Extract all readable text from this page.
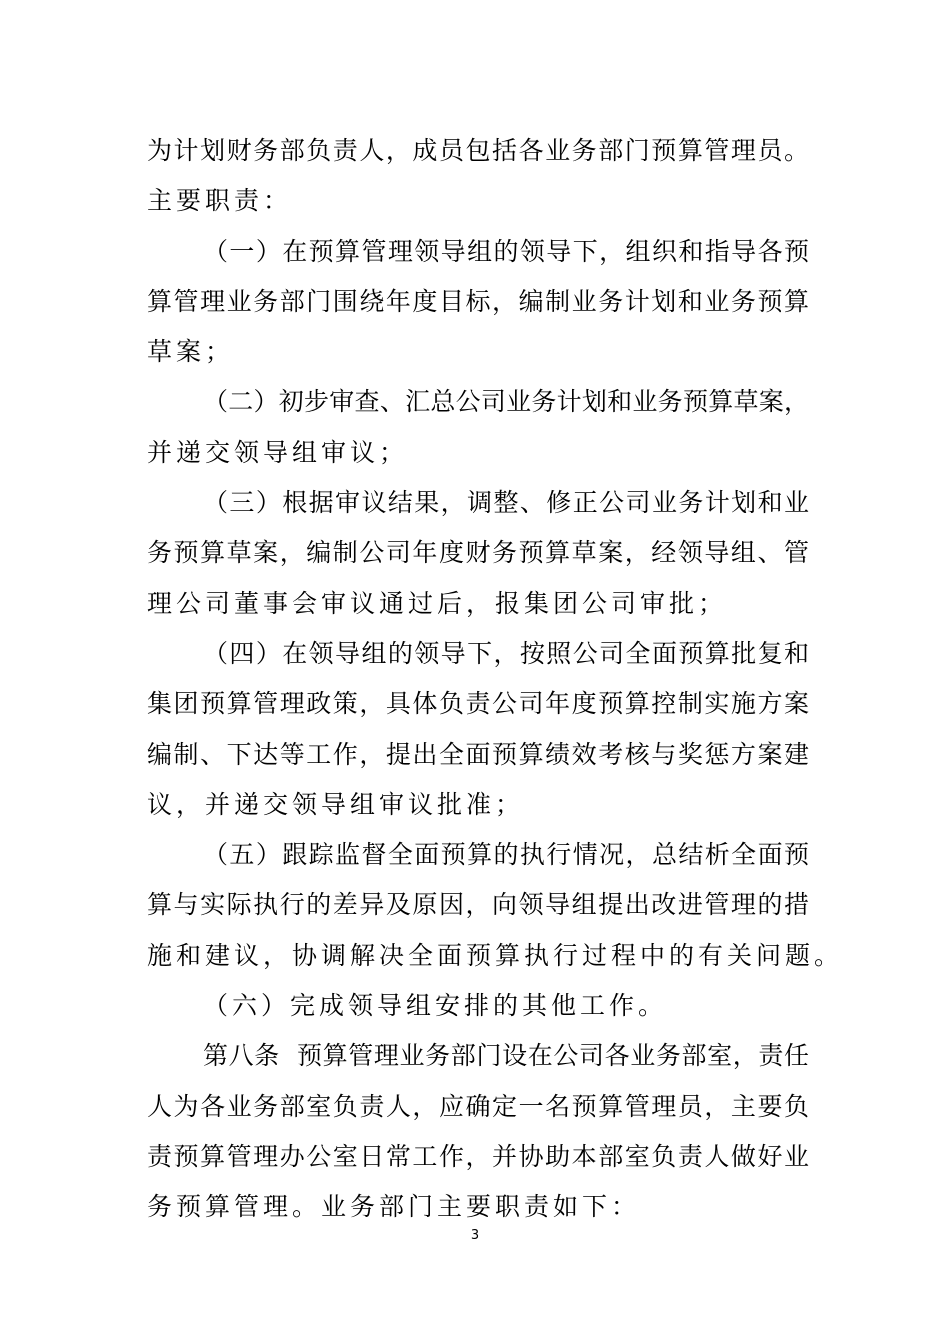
为计划财务部负责人，成员包括各业务部门预算管理员。
主要职责：
（一）在预算管理领导组的领导下，组织和指导各预
算管理业务部门围绕年度目标，编制业务计划和业务预算
草案；
（二）初步审查、汇总公司业务计划和业务预算草案，
并递交领导组审议；
（三）根据审议结果，调整、修正公司业务计划和业
务预算草案，编制公司年度财务预算草案，经领导组、管
理公司董事会审议通过后，报集团公司审批；
（四）在领导组的领导下，按照公司全面预算批复和
集团预算管理政策，具体负责公司年度预算控制实施方案
编制、下达等工作，提出全面预算绩效考核与奖惩方案建
议，并递交领导组审议批准；
（五）跟踪监督全面预算的执行情况，总结析全面预
算与实际执行的差异及原因，向领导组提出改进管理的措
施和建议，协调解决全面预算执行过程中的有关问题。
（六）完成领导组安排的其他工作。
第八条  预算管理业务部门设在公司各业务部室，责任
人为各业务部室负责人，应确定一名预算管理员，主要负
责预算管理办公室日常工作，并协助本部室负责人做好业
务预算管理。业务部门主要职责如下：
3
